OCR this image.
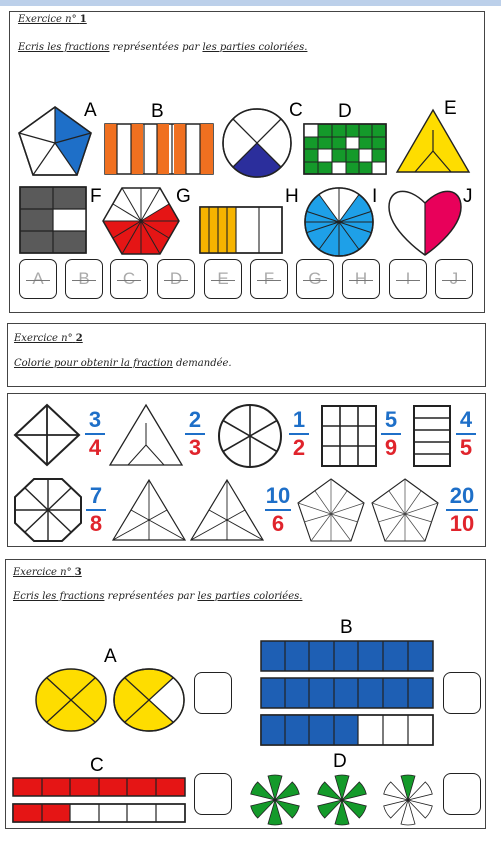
Exercice n° 1
Ecris les fractions représentées par les parties coloriées.
A	B	C D	E
F	G	H	I	J
A	B	C	D	E	F	G	H	I	J
Exercice n° 2
Colorie pour obtenir la fraction demandée.
3
4
2
3
1
2
5
9
4
5
7
8
10
6
20
10
Exercice n° 3
Ecris les fractions représentées par les parties coloriées.
A
B
C	D
